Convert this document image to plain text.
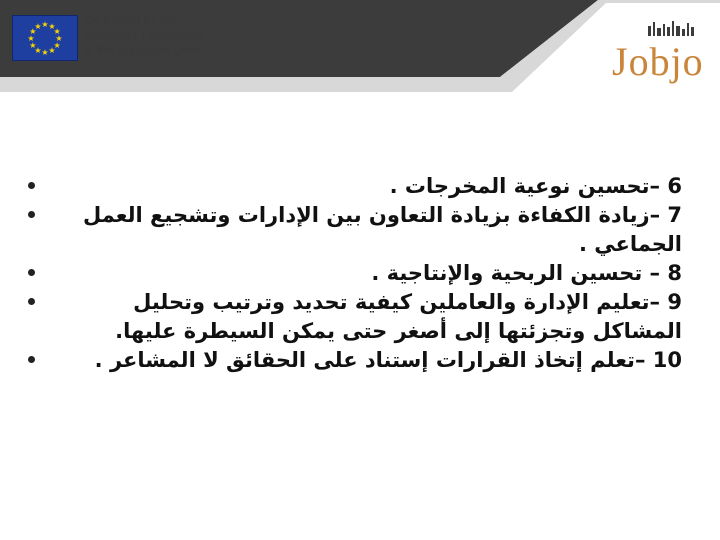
★ ★
★
★
★
★
★
★
★
★
★
★	Co-funded by the
Erasmus+ Programme
of the European Union	Jobjo
6 –تحسين نوعية المخرجات .
7 –زيادة الكفاءة بزيادة التعاون بين الإدارات وتشجيع العمل
الجماعي .
8 – تحسين الربحية والإنتاجية .
9 –تعليم الإدارة والعاملين كيفية تحديد وترتيب وتحليل
المشاكل وتجزئتها إلى أصغر حتى يمكن السيطرة عليها.
10 –تعلم إتخاذ القرارات إستناد على الحقائق لا المشاعر .
